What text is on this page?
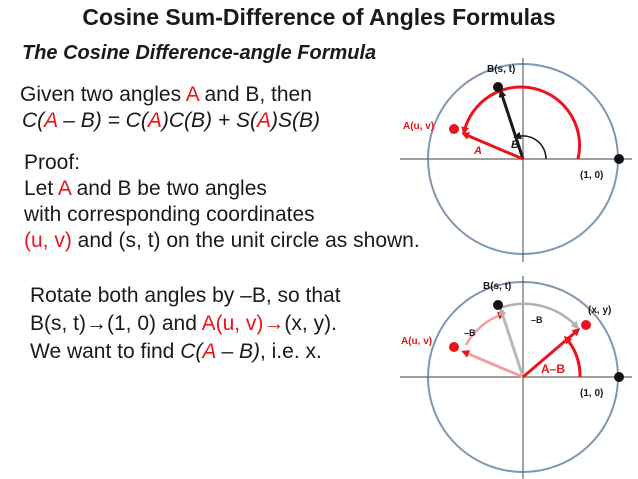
Cosine Sum-Difference of Angles Formulas
The Cosine Difference-angle Formula
Given two angles A and B, then
C(A – B) = C(A)C(B) + S(A)S(B)
Proof:
Let A and B be two angles
with corresponding coordinates
(u, v) and (s, t) on the unit circle as shown.
Rotate both angles by –B, so that
B(s, t)→(1, 0) and A(u, v)→(x, y).
We want to find C(A – B), i.e. x.
B(s, t)
A(u, v)
(1, 0)
A	B
B(s, t)
A(u, v)
(x, y)
(1, 0)
–B
–B
A–B
